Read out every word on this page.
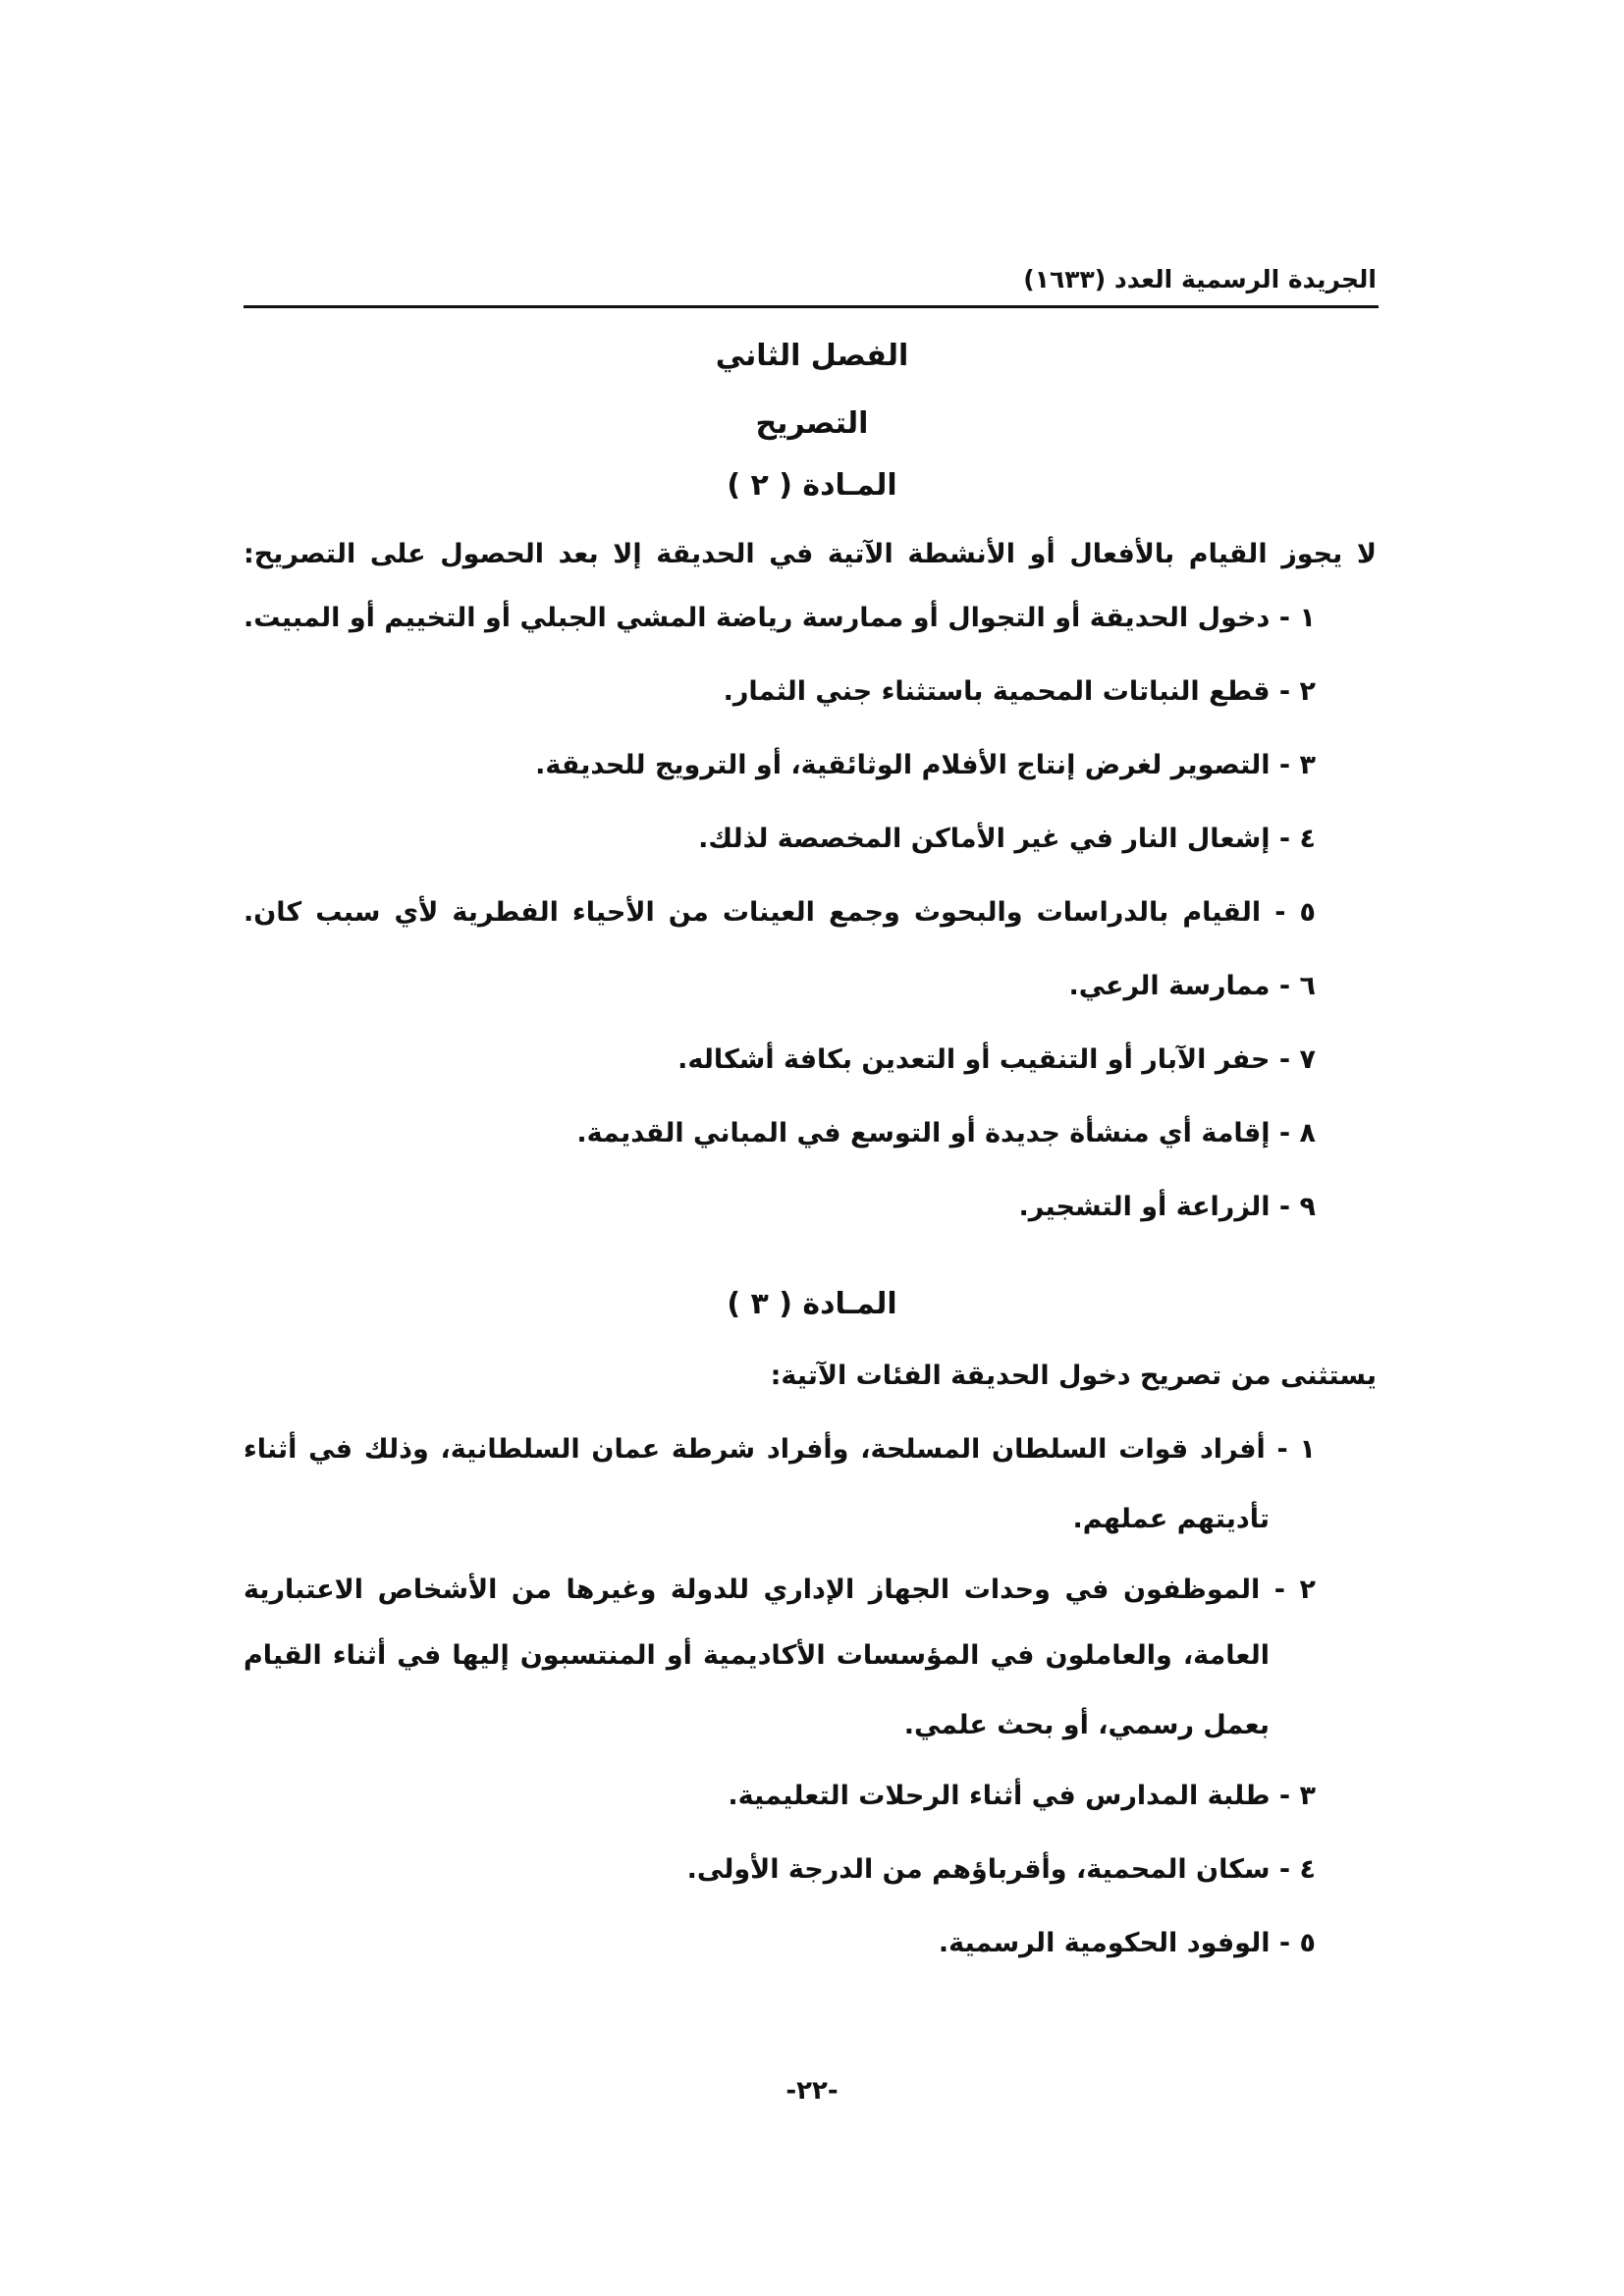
الجريدة الرسمية العدد (١٦٣٣)
الفصل الثاني
التصريح
المـادة ( ٢ )
لا يجوز القيام بالأفعال أو الأنشطة الآتية في الحديقة إلا بعد الحصول على التصريح:
١ - دخول الحديقة أو التجوال أو ممارسة رياضة المشي الجبلي أو التخييم أو المبيت.
٢ - قطع النباتات المحمية باستثناء جني الثمار.
٣ - التصوير لغرض إنتاج الأفلام الوثائقية، أو الترويج للحديقة.
٤ - إشعال النار في غير الأماكن المخصصة لذلك.
٥ - القيام بالدراسات والبحوث وجمع العينات من الأحياء الفطرية لأي سبب كان.
٦ - ممارسة الرعي.
٧ - حفر الآبار أو التنقيب أو التعدين بكافة أشكاله.
٨ - إقامة أي منشأة جديدة أو التوسع في المباني القديمة.
٩ - الزراعة أو التشجير.
المـادة ( ٣ )
يستثنى من تصريح دخول الحديقة الفئات الآتية:
١ - أفراد قوات السلطان المسلحة، وأفراد شرطة عمان السلطانية، وذلك في أثناء
تأديتهم عملهم.
٢ - الموظفون في وحدات الجهاز الإداري للدولة وغيرها من الأشخاص الاعتبارية
العامة، والعاملون في المؤسسات الأكاديمية أو المنتسبون إليها في أثناء القيام
بعمل رسمي، أو بحث علمي.
٣ - طلبة المدارس في أثناء الرحلات التعليمية.
٤ - سكان المحمية، وأقرباؤهم من الدرجة الأولى.
٥ - الوفود الحكومية الرسمية.
-٢٢-
